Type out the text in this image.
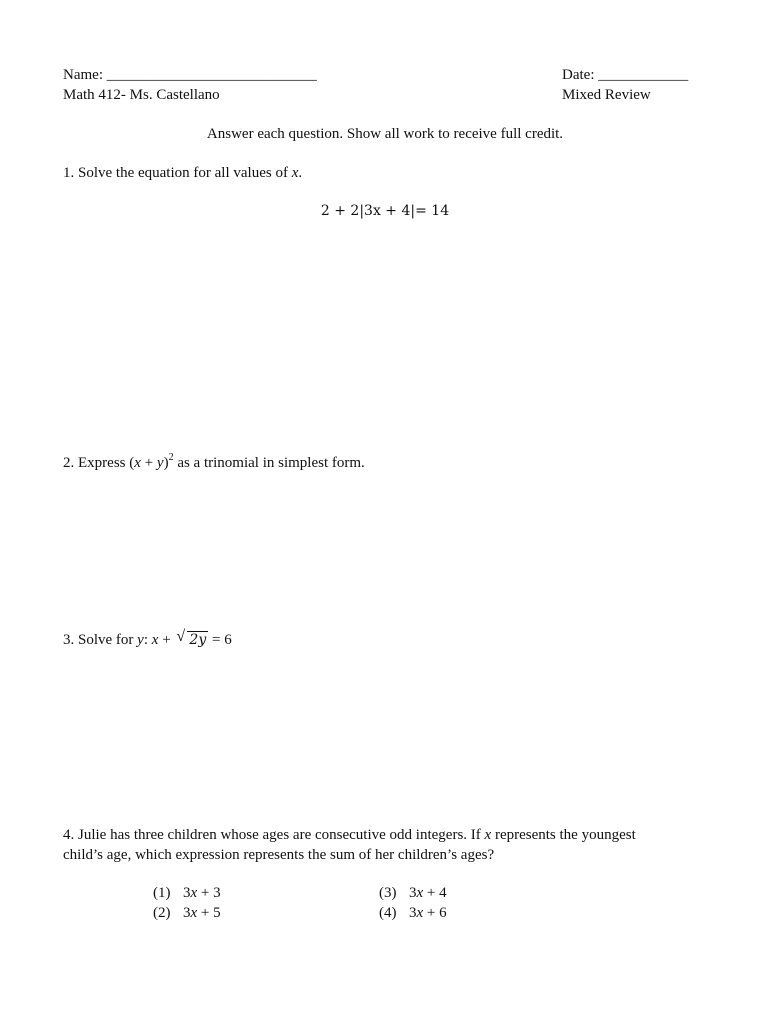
Name: ____________________________	Date: ____________
Math 412- Ms. Castellano	Mixed Review
Answer each question. Show all work to receive full credit.
1. Solve the equation for all values of x.
2 + 2|3x + 4|= 14
2. Express $(x + y)^2$ as a trinomial in simplest form.
3. Solve for y: x + √ 2y = 6
4. Julie has three children whose ages are consecutive odd integers. If x represents the youngest
child’s age, which expression represents the sum of her children’s ages?
(1) 3x + 3
(2) 3x + 5
(3) 3x + 4
(4) 3x + 6
